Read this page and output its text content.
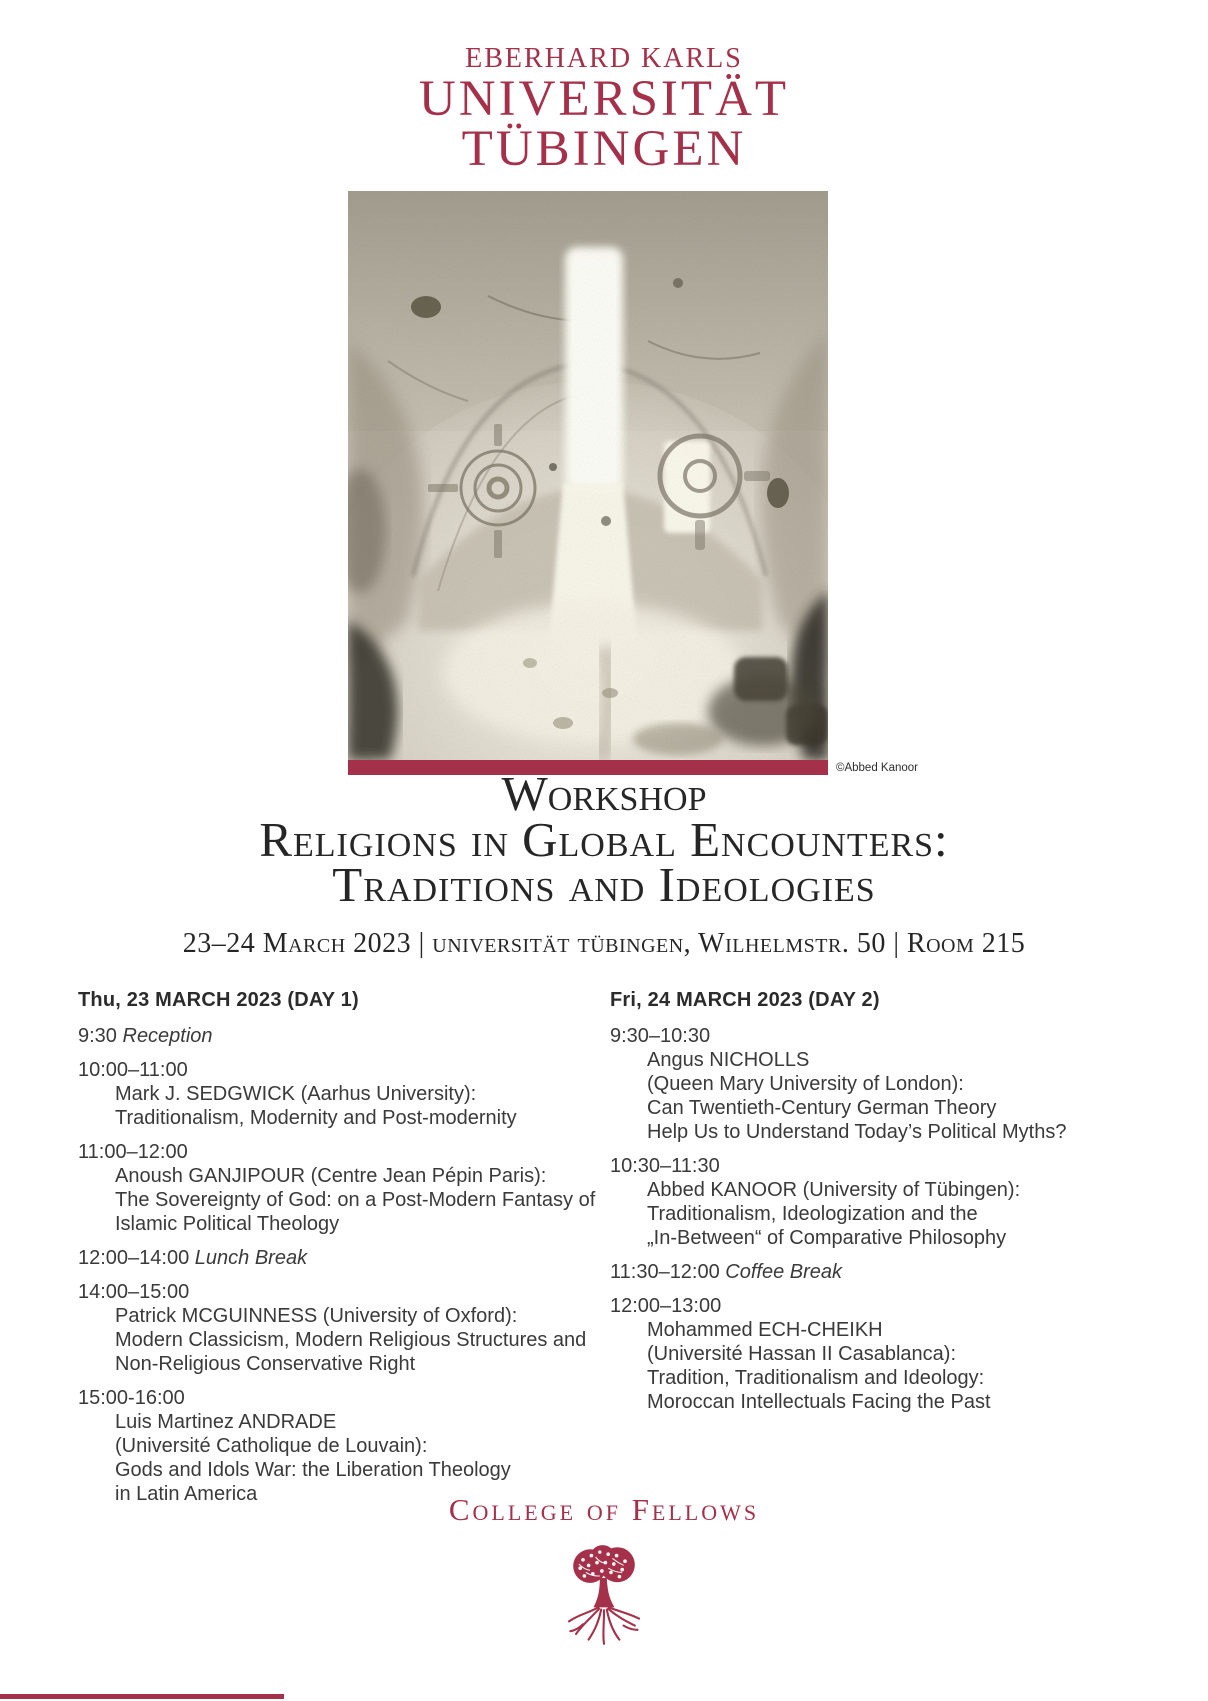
EBERHARD KARLS
UNIVERSITÄT
TÜBINGEN
©Abbed Kanoor
Workshop
Religions in Global Encounters:
Traditions and Ideologies
23–24 March 2023 | universität tübingen, Wilhelmstr. 50 | Room 215
Thu, 23 MARCH 2023 (DAY 1)
9:30 Reception
10:00–11:00
Mark J. SEDGWICK (Aarhus University):
Traditionalism, Modernity and Post-modernity
11:00–12:00
Anoush GANJIPOUR (Centre Jean Pépin Paris):
The Sovereignty of God: on a Post-Modern Fantasy of
Islamic Political Theology
12:00–14:00 Lunch Break
14:00–15:00
Patrick MCGUINNESS (University of Oxford):
Modern Classicism, Modern Religious Structures and
Non-Religious Conservative Right
15:00-16:00
Luis Martinez ANDRADE
(Université Catholique de Louvain):
Gods and Idols War: the Liberation Theology
in Latin America
Fri, 24 MARCH 2023 (DAY 2)
9:30–10:30
Angus NICHOLLS
(Queen Mary University of London):
Can Twentieth-Century German Theory
Help Us to Understand Today’s Political Myths?
10:30–11:30
Abbed KANOOR (University of Tübingen):
Traditionalism, Ideologization and the
„In-Between“ of Comparative Philosophy
11:30–12:00 Coffee Break
12:00–13:00
Mohammed ECH-CHEIKH
(Université Hassan II Casablanca):
Tradition, Traditionalism and Ideology:
Moroccan Intellectuals Facing the Past
College of Fellows
